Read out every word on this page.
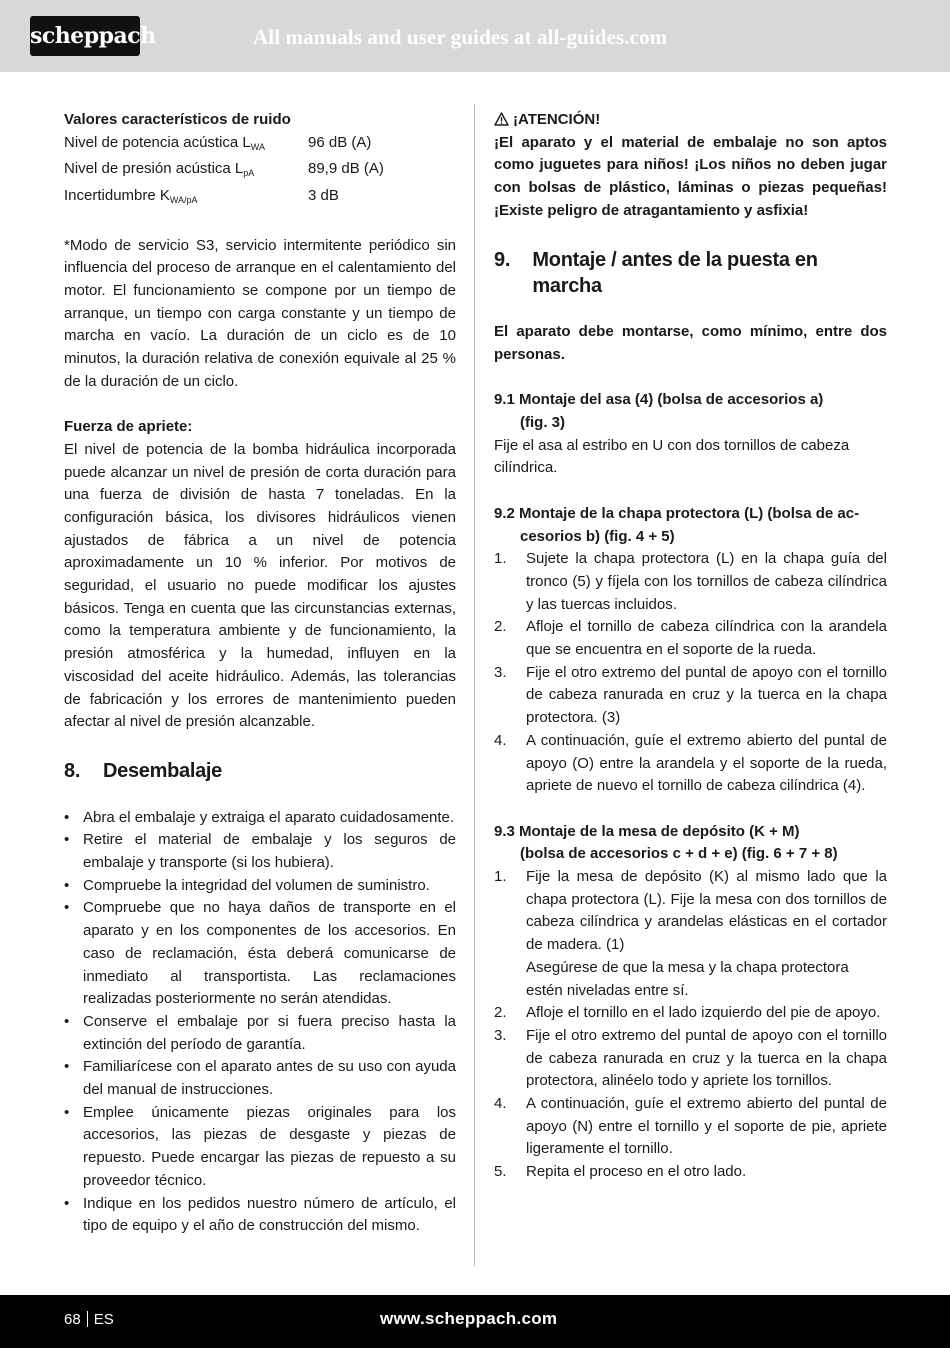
scheppach	All manuals and user guides at all-guides.com
Valores característicos de ruido
Nivel de potencia acústica $L_{WA}$	96 dB (A)
Nivel de presión acústica $L_{pA}$	89,9 dB (A)
Incertidumbre $K_{WA/pA}$	3 dB

*Modo de servicio S3, servicio intermitente periódico sin influencia del proceso de arranque en el calentamiento del motor. El funcionamiento se compone por un tiempo de arranque, un tiempo con carga constante y un tiempo de marcha en vacío. La duración de un ciclo es de 10 minutos, la duración relativa de conexión equivale al 25 % de la duración de un ciclo.

Fuerza de apriete:

El nivel de potencia de la bomba hidráulica incorporada puede alcanzar un nivel de presión de corta duración para una fuerza de división de hasta 7 toneladas. En la configuración básica, los divisores hidráulicos vienen ajustados de fábrica a un nivel de potencia aproximadamente un 10 % inferior. Por motivos de seguridad, el usuario no puede modificar los ajustes básicos. Tenga en cuenta que las circunstancias externas, como la temperatura ambiente y de funcionamiento, la presión atmosférica y la humedad, influyen en la viscosidad del aceite hidráulico. Además, las tolerancias de fabricación y los errores de mantenimiento pueden afectar al nivel de presión alcanzable.

8.	Desembalaje
• Abra el embalaje y extraiga el aparato cuidadosamente.
• Retire el material de embalaje y los seguros de embalaje y transporte (si los hubiera).
• Compruebe la integridad del volumen de suministro.
• Compruebe que no haya daños de transporte en el aparato y en los componentes de los accesorios. En caso de reclamación, ésta deberá comunicarse de inmediato al transportista. Las reclamaciones realizadas posteriormente no serán atendidas.
• Conserve el embalaje por si fuera preciso hasta la extinción del período de garantía.
• Familiarícese con el aparato antes de su uso con ayuda del manual de instrucciones.
• Emplee únicamente piezas originales para los accesorios, las piezas de desgaste y piezas de repuesto. Puede encargar las piezas de repuesto a su proveedor técnico.
• Indique en los pedidos nuestro número de artículo, el tipo de equipo y el año de construcción del mismo.
¡ATENCIÓN!

¡El aparato y el material de embalaje no son aptos como juguetes para niños! ¡Los niños no deben jugar con bolsas de plástico, láminas o piezas pequeñas! ¡Existe peligro de atragantamiento y asfixia!

9.	Montaje / antes de la puesta en marcha

El aparato debe montarse, como mínimo, entre dos personas.

9.1 Montaje del asa (4) (bolsa de accesorios a)
(fig. 3)

Fije el asa al estribo en U con dos tornillos de cabeza cilíndrica.

9.2 Montaje de la chapa protectora (L) (bolsa de ac-
cesorios b) (fig. 4 + 5)
1. Sujete la chapa protectora (L) en la chapa guía del tronco (5) y fíjela con los tornillos de cabeza cilíndrica y las tuercas incluidos.
2. Afloje el tornillo de cabeza cilíndrica con la arandela que se encuentra en el soporte de la rueda.
3. Fije el otro extremo del puntal de apoyo con el tornillo de cabeza ranurada en cruz y la tuerca en la chapa protectora. (3)
4. A continuación, guíe el extremo abierto del puntal de apoyo (O) entre la arandela y el soporte de la rueda, apriete de nuevo el tornillo de cabeza cilíndrica (4).
9.3 Montaje de la mesa de depósito (K + M)
(bolsa de accesorios c + d + e) (fig. 6 + 7 + 8)
1. Fije la mesa de depósito (K) al mismo lado que la chapa protectora (L). Fije la mesa con dos tornillos de cabeza cilíndrica y arandelas elásticas en el cortador de madera. (1)
Asegúrese de que la mesa y la chapa protectora estén niveladas entre sí.
2. Afloje el tornillo en el lado izquierdo del pie de apoyo.
3. Fije el otro extremo del puntal de apoyo con el tornillo de cabeza ranurada en cruz y la tuerca en la chapa protectora, alinéelo todo y apriete los tornillos.
4. A continuación, guíe el extremo abierto del puntal de apoyo (N) entre el tornillo y el soporte de pie, apriete ligeramente el tornillo.
5. Repita el proceso en el otro lado.
68 ES	www.scheppach.com
